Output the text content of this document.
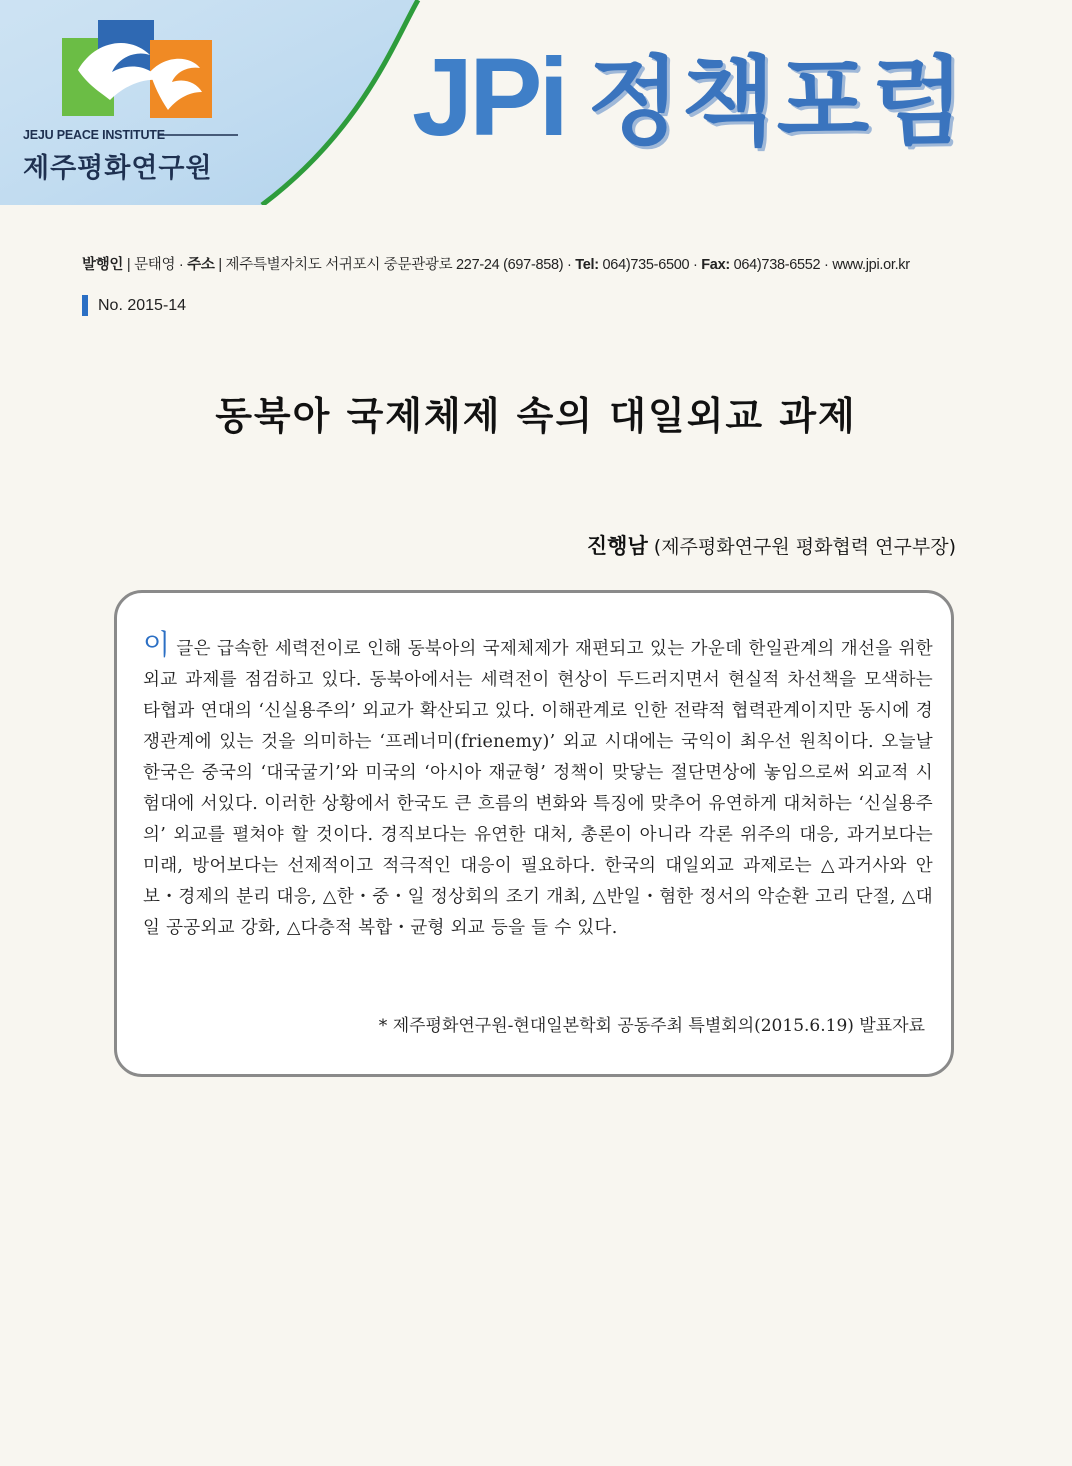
JEJU PEACE INSTITUTE
제주평화연구원
JPi 정책포럼
발행인 | 문태영 · 주소 | 제주특별자치도 서귀포시 중문관광로 227-24 (697-858) · Tel: 064)735-6500 · Fax: 064)738-6552 · www.jpi.or.kr
No. 2015-14
동북아 국제체제 속의 대일외교 과제
진행남 (제주평화연구원 평화협력 연구부장)
이글은 급속한 세력전이로 인해 동북아의 국제체제가 재편되고 있는 가운데 한일관계의 개선을 위한 외교 과제를 점검하고 있다. 동북아에서는 세력전이 현상이 두드러지면서 현실적 차선책을 모색하는 타협과 연대의 ‘신실용주의’ 외교가 확산되고 있다. 이해관계로 인한 전략적 협력관계이지만 동시에 경쟁관계에 있는 것을 의미하는 ‘프레너미(frienemy)’ 외교 시대에는 국익이 최우선 원칙이다. 오늘날 한국은 중국의 ‘대국굴기’와 미국의 ‘아시아 재균형’ 정책이 맞닿는 절단면상에 놓임으로써 외교적 시험대에 서있다. 이러한 상황에서 한국도 큰 흐름의 변화와 특징에 맞추어 유연하게 대처하는 ‘신실용주의’ 외교를 펼쳐야 할 것이다. 경직보다는 유연한 대처, 총론이 아니라 각론 위주의 대응, 과거보다는 미래, 방어보다는 선제적이고 적극적인 대응이 필요하다. 한국의 대일외교 과제로는 △과거사와 안보・경제의 분리 대응, △한・중・일 정상회의 조기 개최, △반일・혐한 정서의 악순환 고리 단절, △대일 공공외교 강화, △다층적 복합・균형 외교 등을 들 수 있다.
* 제주평화연구원-현대일본학회 공동주최 특별회의(2015.6.19) 발표자료
